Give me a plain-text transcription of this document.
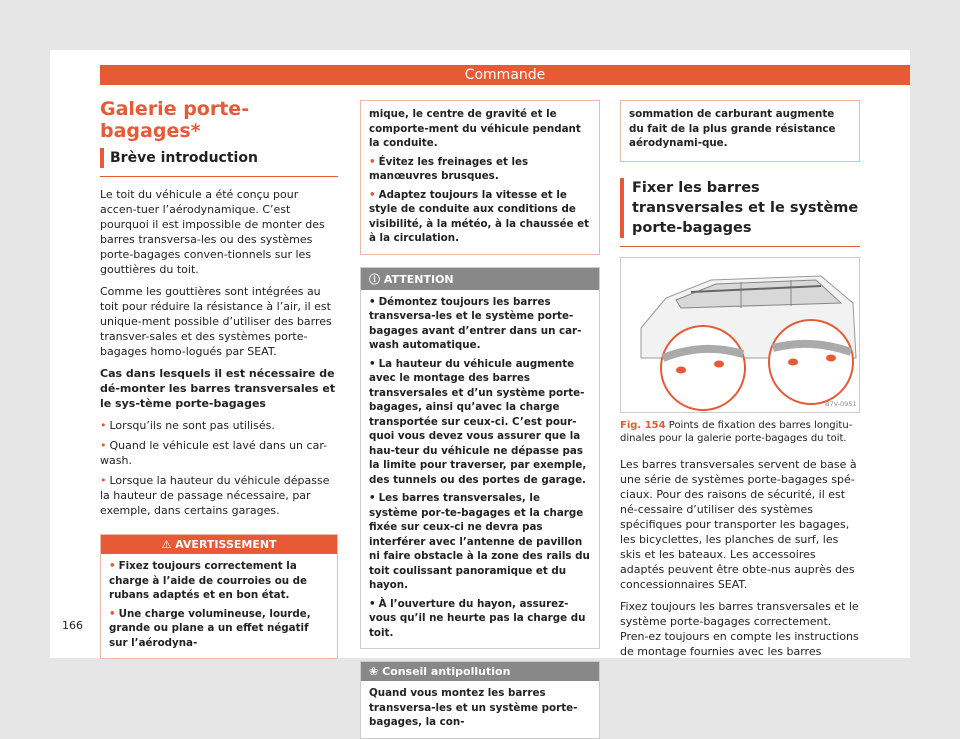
Commande
Galerie porte-bagages*
Brève introduction

Le toit du véhicule a été conçu pour accen-tuer l’aérodynamique. C’est pourquoi il est impossible de monter des barres transversa-les ou des systèmes porte-bagages conven-tionnels sur les gouttières du toit.

Comme les gouttières sont intégrées au toit pour réduire la résistance à l’air, il est unique-ment possible d’utiliser des barres transver-sales et des systèmes porte-bagages homo-logués par SEAT.

Cas dans lesquels il est nécessaire de dé-monter les barres transversales et le sys-tème porte-bagages

• Lorsqu’ils ne sont pas utilisés.
• Quand le véhicule est lavé dans un car-wash.
• Lorsque la hauteur du véhicule dépasse la hauteur de passage nécessaire, par exemple, dans certains garages.
⚠ AVERTISSEMENT
• Fixez toujours correctement la charge à l’aide de courroies ou de rubans adaptés et en bon état.
• Une charge volumineuse, lourde, grande ou plane a un effet négatif sur l’aérodyna-
mique, le centre de gravité et le comporte-ment du véhicule pendant la conduite.
• Évitez les freinages et les manœuvres brusques.
• Adaptez toujours la vitesse et le style de conduite aux conditions de visibilité, à la météo, à la chaussée et à la circulation.
ⓘ ATTENTION
• Démontez toujours les barres transversa-les et le système porte-bagages avant d’entrer dans un car-wash automatique.
• La hauteur du véhicule augmente avec le montage des barres transversales et d’un système porte-bagages, ainsi qu’avec la charge transportée sur ceux-ci. C’est pour-quoi vous devez vous assurer que la hau-teur du véhicule ne dépasse pas la limite pour traverser, par exemple, des tunnels ou des portes de garage.
• Les barres transversales, le système por-te-bagages et la charge fixée sur ceux-ci ne devra pas interférer avec l’antenne de pavillon ni faire obstacle à la zone des rails du toit coulissant panoramique et du hayon.
• À l’ouverture du hayon, assurez-vous qu’il ne heurte pas la charge du toit.
❀ Conseil antipollution
Quand vous montez les barres transversa-les et un système porte-bagages, la con-
sommation de carburant augmente du fait de la plus grande résistance aérodynami-que.
Fixer les barres transversales et le système porte-bagages
B7V-0951
Fig. 154 Points de fixation des barres longitu-dinales pour la galerie porte-bagages du toit.

Les barres transversales servent de base à une série de systèmes porte-bagages spé-ciaux. Pour des raisons de sécurité, il est né-cessaire d’utiliser des systèmes spécifiques pour transporter les bagages, les bicyclettes, les planches de surf, les skis et les bateaux. Les accessoires adaptés peuvent être obte-nus auprès des concessionnaires SEAT.

Fixez toujours les barres transversales et le système porte-bagages correctement. Pren-ez toujours en compte les instructions de montage fournies avec les barres

166
